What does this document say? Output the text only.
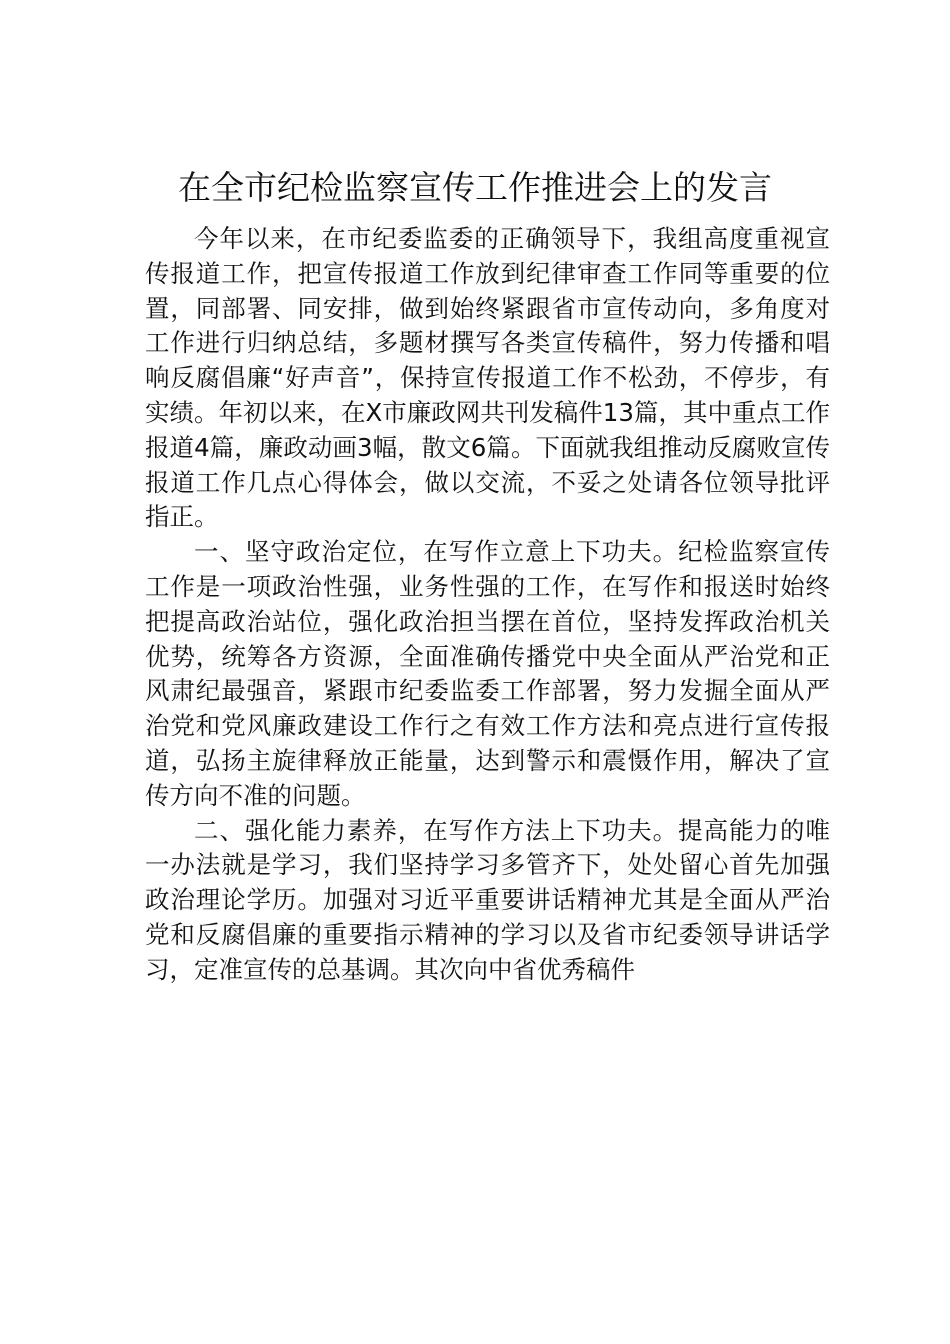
在全市纪检监察宣传工作推进会上的发言

今年以来，在市纪委监委的正确领导下，我组高度重视宣传报道工作，把宣传报道工作放到纪律审查工作同等重要的位置，同部署、同安排，做到始终紧跟省市宣传动向，多角度对工作进行归纳总结，多题材撰写各类宣传稿件，努力传播和唱响反腐倡廉“好声音”，保持宣传报道工作不松劲，不停步，有实绩。年初以来，在X市廉政网共刊发稿件13篇，其中重点工作报道4篇，廉政动画3幅，散文6篇。下面就我组推动反腐败宣传报道工作几点心得体会，做以交流，不妥之处请各位领导批评指正。

一、坚守政治定位，在写作立意上下功夫。纪检监察宣传工作是一项政治性强，业务性强的工作，在写作和报送时始终把提高政治站位，强化政治担当摆在首位，坚持发挥政治机关优势，统筹各方资源，全面准确传播党中央全面从严治党和正风肃纪最强音，紧跟市纪委监委工作部署，努力发掘全面从严治党和党风廉政建设工作行之有效工作方法和亮点进行宣传报道，弘扬主旋律释放正能量，达到警示和震慑作用，解决了宣传方向不准的问题。

二、强化能力素养，在写作方法上下功夫。提高能力的唯一办法就是学习，我们坚持学习多管齐下，处处留心首先加强政治理论学历。加强对习近平重要讲话精神尤其是全面从严治党和反腐倡廉的重要指示精神的学习以及省市纪委领导讲话学习，定准宣传的总基调。其次向中省优秀稿件
